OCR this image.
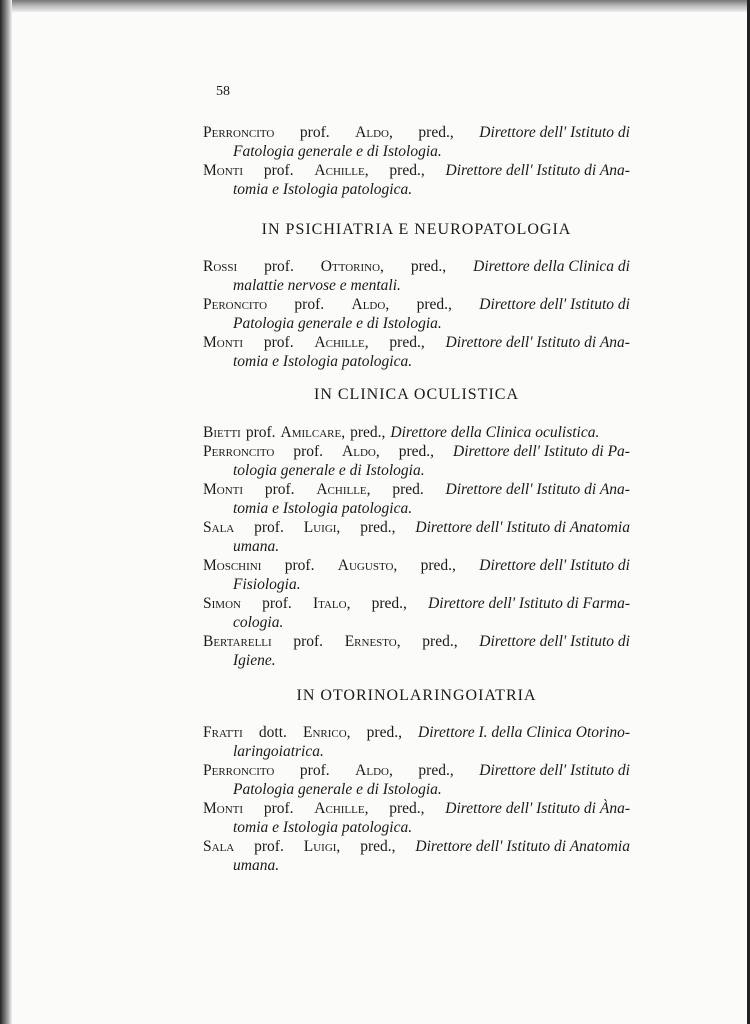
58
Perroncito prof. Aldo, pred., Direttore dell' Istituto di
Fatologia generale e di Istologia.
Monti prof. Achille, pred., Direttore dell' Istituto di Ana-
tomia e Istologia patologica.
IN PSICHIATRIA E NEUROPATOLOGIA
Rossi prof. Ottorino, pred., Direttore della Clinica di
malattie nervose e mentali.
Peroncito prof. Aldo, pred., Direttore dell' Istituto di
Patologia generale e di Istologia.
Monti prof. Achille, pred., Direttore dell' Istituto di Ana-
tomia e Istologia patologica.
IN CLINICA OCULISTICA
Bietti prof. Amilcare, pred., Direttore della Clinica oculistica.
Perroncito prof. Aldo, pred., Direttore dell' Istituto di Pa-
tologia generale e di Istologia.
Monti prof. Achille, pred. Direttore dell' Istituto di Ana-
tomia e Istologia patologica.
Sala prof. Luigi, pred., Direttore dell' Istituto di Anatomia
umana.
Moschini prof. Augusto, pred., Direttore dell' Istituto di
Fisiologia.
Simon prof. Italo, pred., Direttore dell' Istituto di Farma-
cologia.
Bertarelli prof. Ernesto, pred., Direttore dell' Istituto di
Igiene.
IN OTORINOLARINGOIATRIA
Fratti dott. Enrico, pred., Direttore I. della Clinica Otorino-
laringoiatrica.
Perroncito prof. Aldo, pred., Direttore dell' Istituto di
Patologia generale e di Istologia.
Monti prof. Achille, pred., Direttore dell' Istituto di Àna-
tomia e Istologia patologica.
Sala prof. Luigi, pred., Direttore dell' Istituto di Anatomia
umana.
